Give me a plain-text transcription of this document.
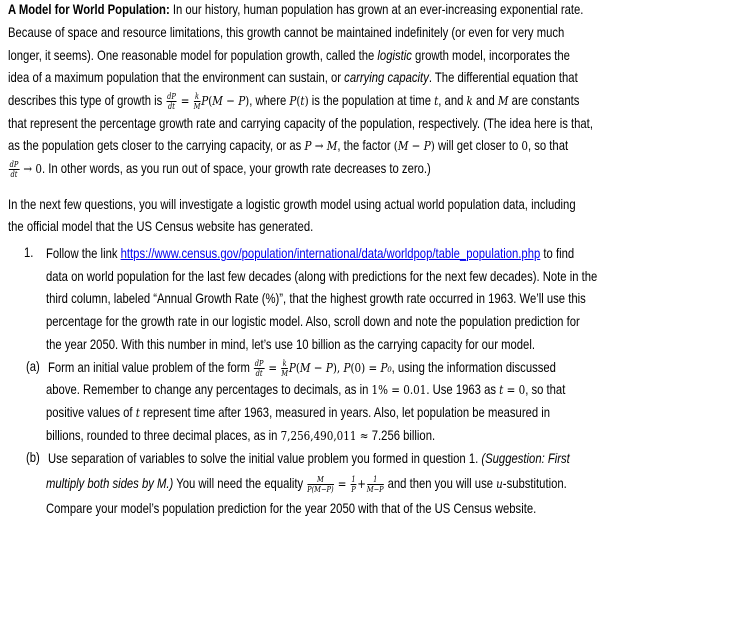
A Model for World Population: In our history, human population has grown at an ever-increasing exponential rate.
Because of space and resource limitations, this growth cannot be maintained indefinitely (or even for very much
longer, it seems). One reasonable model for population growth, called the logistic growth model, incorporates the
idea of a maximum population that the environment can sustain, or carrying capacity. The differential equation that
describes this type of growth is $\frac{dP}{dt} = \frac{k}{M} P(M - P)$, where P(t) is the population at time t, and k and M are constants
that represent the percentage growth rate and carrying capacity of the population, respectively. (The idea here is that,
as the population gets closer to the carrying capacity, or as P → M, the factor (M − P) will get closer to 0, so that
$\frac{dP}{dt} \to 0$. In other words, as you run out of space, your growth rate decreases to zero.)
In the next few questions, you will investigate a logistic growth model using actual world population data, including
the official model that the US Census website has generated.
Follow the link https://www.census.gov/population/international/data/worldpop/table_population.php to find
data on world population for the last few decades (along with predictions for the next few decades). Note in the
third column, labeled “Annual Growth Rate (%)”, that the highest growth rate occurred in 1963. We’ll use this
percentage for the growth rate in our logistic model. Also, scroll down and note the population prediction for
the year 2050. With this number in mind, let’s use 10 billion as the carrying capacity for our model.
Form an initial value problem of the form $\frac{dP}{dt} = \frac{k}{M} P(M - P)$, P(0) = P₀, using the information discussed
above. Remember to change any percentages to decimals, as in 1% = 0.01. Use 1963 as t = 0, so that
positive values of t represent time after 1963, measured in years. Also, let population be measured in
billions, rounded to three decimal places, as in 7,256,490,011 ≈ 7.256 billion.
Use separation of variables to solve the initial value problem you formed in question 1. (Suggestion: First
multiply both sides by M.) You will need the equality $\frac{M}{P(M-P)} = \frac{1}{P} + \frac{1}{M-P}$ and then you will use u-substitution.
Compare your model’s population prediction for the year 2050 with that of the US Census website.
1.
(a)
(b)
